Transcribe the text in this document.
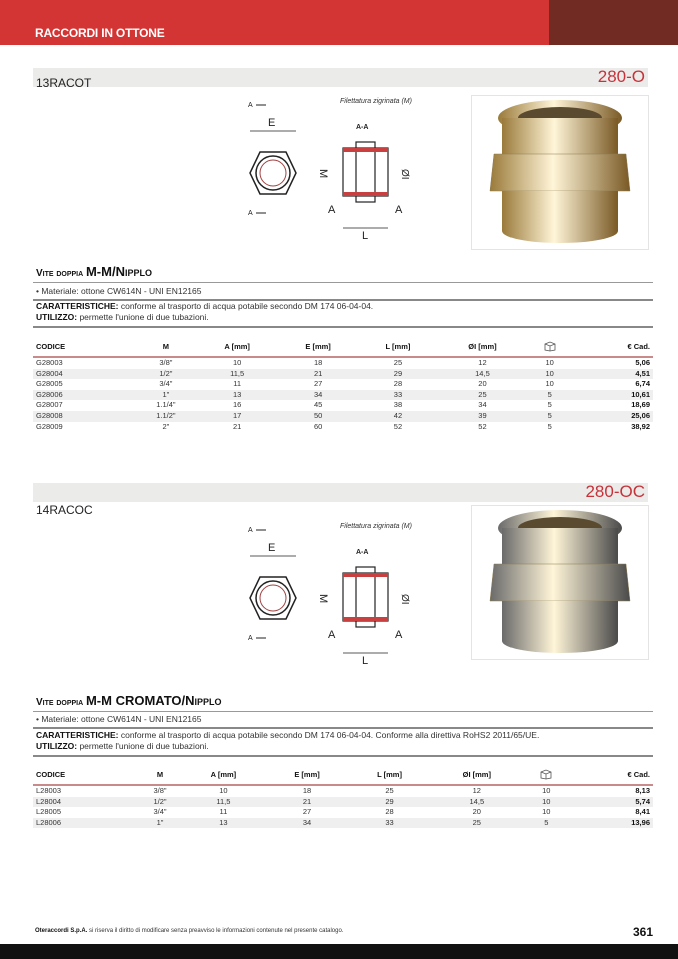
RACCORDI IN OTTONE
280-O
13RACOT
Filettatura zigrinata (M)
A-A
A
E
A
M	ØI
A	A
L
Vite doppia M-M/Nipplo
• Materiale: ottone CW614N - UNI EN12165
CARATTERISTICHE: conforme al trasporto di acqua potabile secondo DM 174 06-04-04.
UTILIZZO: permette l'unione di due tubazioni.
CODICE	M	A [mm]	E [mm]	L [mm]	ØI [mm]		€ Cad.
G28003	3/8"	10	18	25	12	10	5,06
G28004	1/2"	11,5	21	29	14,5	10	4,51
G28005	3/4"	11	27	28	20	10	6,74
G28006	1"	13	34	33	25	5	10,61
G28007	1.1/4"	16	45	38	34	5	18,69
G28008	1.1/2"	17	50	42	39	5	25,06
G28009	2"	21	60	52	52	5	38,92
280-OC
14RACOC
Filettatura zigrinata (M)
A-A
A
E
A
M	ØI
A	A
L
Vite doppia M-M CROMATO/Nipplo
• Materiale: ottone CW614N - UNI EN12165
CARATTERISTICHE: conforme al trasporto di acqua potabile secondo DM 174 06-04-04. Conforme alla direttiva RoHS2 2011/65/UE.
UTILIZZO: permette l'unione di due tubazioni.
CODICE	M	A [mm]	E [mm]	L [mm]	ØI [mm]		€ Cad.
L28003	3/8"	10	18	25	12	10	8,13
L28004	1/2"	11,5	21	29	14,5	10	5,74
L28005	3/4"	11	27	28	20	10	8,41
L28006	1"	13	34	33	25	5	13,96
Oteraccordi S.p.A. si riserva il diritto di modificare senza preavviso le informazioni contenute nel presente catalogo.	361
